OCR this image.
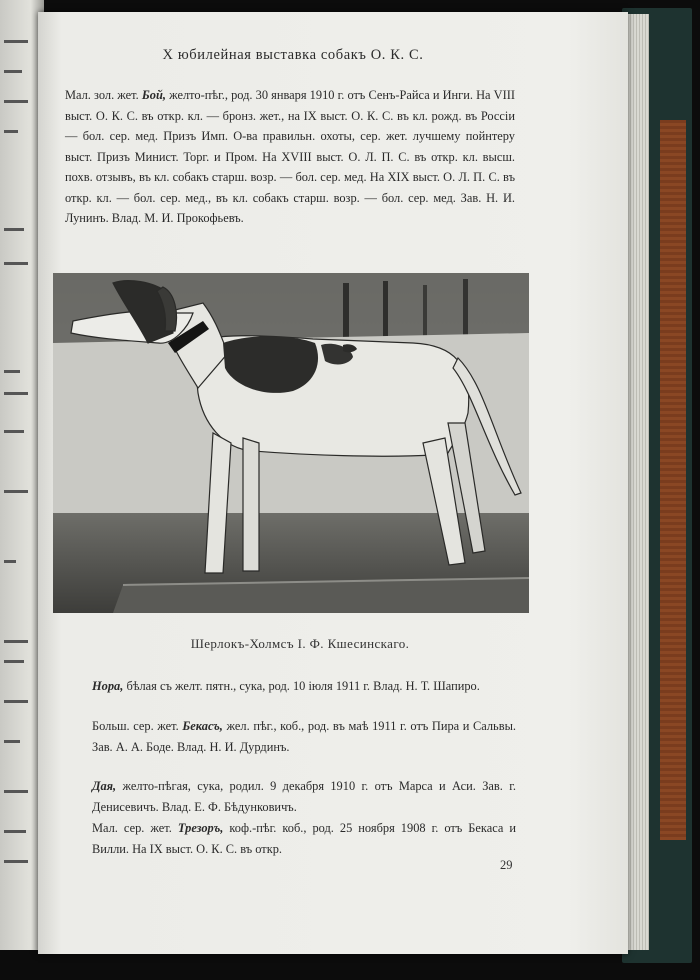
X юбилейная выставка собакъ О. К. С.

Мал. зол. жет. Бой, желто-пѣг., род. 30 января 1910 г. отъ Сенъ-Райса и Инги. На VIII выст. О. К. С. въ откр. кл. — бронз. жет., на IX выст. О. К. С. въ кл. рожд. въ Россіи — бол. сер. мед. Призъ Имп. О-ва правильн. охоты, сер. жет. лучшему пойнтеру выст. Призъ Минист. Торг. и Пром. На XVIII выст. О. Л. П. С. въ откр. кл. высш. похв. отзывъ, въ кл. собакъ старш. возр. — бол. сер. мед. На XIX выст. О. Л. П. С. въ откр. кл. — бол. сер. мед., въ кл. собакъ старш. возр. — бол. сер. мед. Зав. Н. И. Лунинъ. Влад. М. И. Прокофьевъ.

Шерлокъ-Холмсъ І. Ф. Кшесинскаго.

Нора, бѣлая съ желт. пятн., сука, род. 10 іюля 1911 г. Влад. Н. Т. Шапиро.

Больш. сер. жет. Бекасъ, жел. пѣг., коб., род. въ маѣ 1911 г. отъ Пира и Сальвы. Зав. А. А. Боде. Влад. Н. И. Дурдинъ.

Дая, желто-пѣгая, сука, родил. 9 декабря 1910 г. отъ Марса и Аси. Зав. г. Денисевичъ. Влад. Е. Ф. Бѣдунковичъ.

Мал. сер. жет. Трезоръ, коф.-пѣг. коб., род. 25 ноября 1908 г. отъ Бекаса и Вилли. На IX выст. О. К. С. въ откр.

29
